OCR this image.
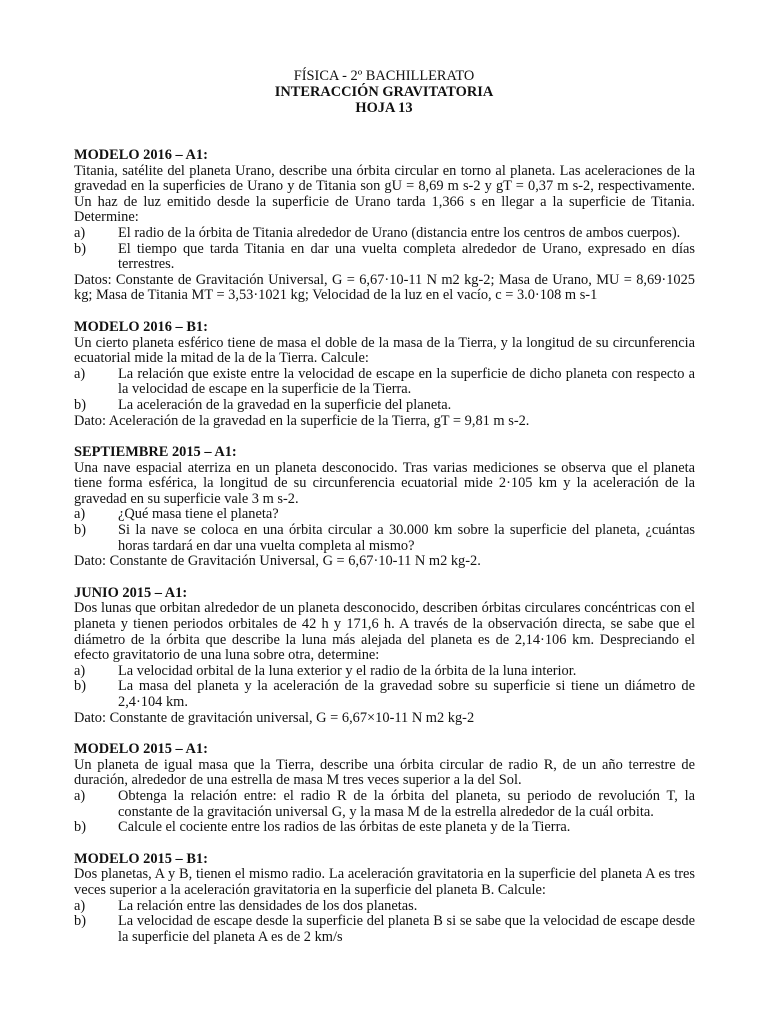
FÍSICA - 2º BACHILLERATO
INTERACCIÓN GRAVITATORIA
HOJA 13
MODELO 2016 – A1:
Titania, satélite del planeta Urano, describe una órbita circular en torno al planeta. Las aceleraciones de la gravedad en la superficies de Urano y de Titania son gU = 8,69 m s-2 y gT = 0,37 m s-2, respectivamente. Un haz de luz emitido desde la superficie de Urano tarda 1,366 s en llegar a la superficie de Titania. Determine:
a)	El radio de la órbita de Titania alrededor de Urano (distancia entre los centros de ambos cuerpos).
b)	El tiempo que tarda Titania en dar una vuelta completa alrededor de Urano, expresado en días terrestres.
Datos: Constante de Gravitación Universal, G = 6,67·10-11 N m2 kg-2; Masa de Urano, MU = 8,69·1025 kg; Masa de Titania MT = 3,53·1021 kg; Velocidad de la luz en el vacío, c = 3.0·108 m s-1
MODELO 2016 – B1:
Un cierto planeta esférico tiene de masa el doble de la masa de la Tierra, y la longitud de su circunferencia ecuatorial mide la mitad de la de la Tierra. Calcule:
a)	La relación que existe entre la velocidad de escape en la superficie de dicho planeta con respecto a la velocidad de escape en la superficie de la Tierra.
b)	La aceleración de la gravedad en la superficie del planeta.
Dato: Aceleración de la gravedad en la superficie de la Tierra, gT = 9,81 m s-2.
SEPTIEMBRE 2015 – A1:
Una nave espacial aterriza en un planeta desconocido. Tras varias mediciones se observa que el planeta tiene forma esférica, la longitud de su circunferencia ecuatorial mide 2·105 km y la aceleración de la gravedad en su superficie vale 3 m s-2.
a)	¿Qué masa tiene el planeta?
b)	Si la nave se coloca en una órbita circular a 30.000 km sobre la superficie del planeta, ¿cuántas horas tardará en dar una vuelta completa al mismo?
Dato: Constante de Gravitación Universal, G = 6,67·10-11 N m2 kg-2.
JUNIO 2015 – A1:
Dos lunas que orbitan alrededor de un planeta desconocido, describen órbitas circulares concéntricas con el planeta y tienen periodos orbitales de 42 h y 171,6 h. A través de la observación directa, se sabe que el diámetro de la órbita que describe la luna más alejada del planeta es de 2,14·106 km. Despreciando el efecto gravitatorio de una luna sobre otra, determine:
a)	La velocidad orbital de la luna exterior y el radio de la órbita de la luna interior.
b)	La masa del planeta y la aceleración de la gravedad sobre su superficie si tiene un diámetro de 2,4·104 km.
Dato: Constante de gravitación universal, G = 6,67×10-11 N m2 kg-2
MODELO 2015 – A1:
Un planeta de igual masa que la Tierra, describe una órbita circular de radio R, de un año terrestre de duración, alrededor de una estrella de masa M tres veces superior a la del Sol.
a)	Obtenga la relación entre: el radio R de la órbita del planeta, su periodo de revolución T, la constante de la gravitación universal G, y la masa M de la estrella alrededor de la cuál orbita.
b)	Calcule el cociente entre los radios de las órbitas de este planeta y de la Tierra.
MODELO 2015 – B1:
Dos planetas, A y B, tienen el mismo radio. La aceleración gravitatoria en la superficie del planeta A es tres veces superior a la aceleración gravitatoria en la superficie del planeta B. Calcule:
a)	La relación entre las densidades de los dos planetas.
b)	La velocidad de escape desde la superficie del planeta B si se sabe que la velocidad de escape desde la superficie del planeta A es de 2 km/s
